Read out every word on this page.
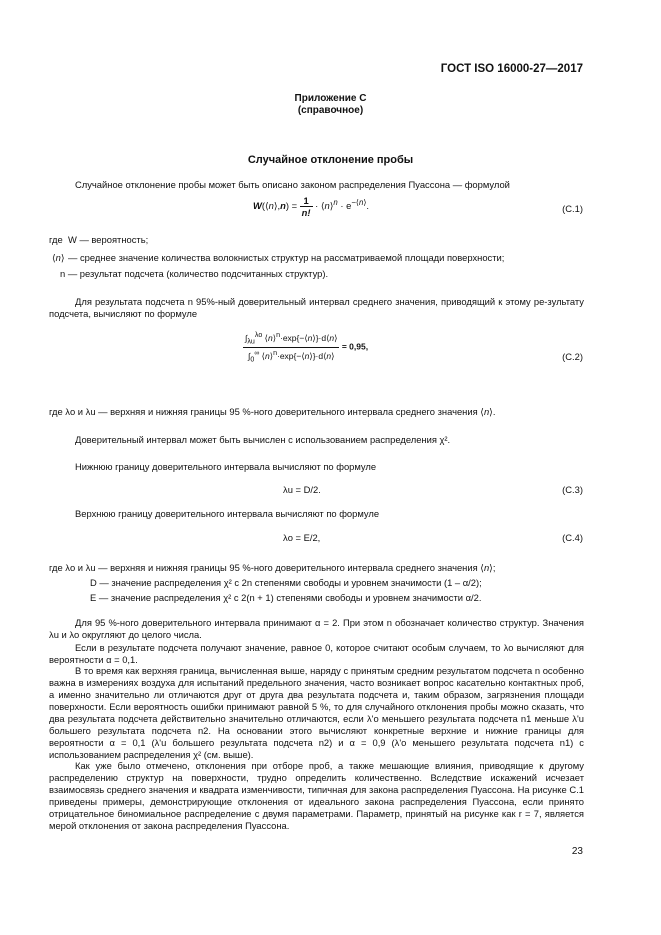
ГОСТ ISO 16000-27—2017
Приложение С
(справочное)
Случайное отклонение пробы
Случайное отклонение пробы может быть описано законом распределения Пуассона — формулой
W(⟨n⟩,n) = $\frac{1}{n!}$ · ⟨n⟩$^n$ · $e^{-⟨n⟩}$.	(С.1)
где W — вероятность;
⟨n⟩ — среднее значение количества волокнистых структур на рассматриваемой площади поверхности;
n — результат подсчета (количество подсчитанных структур).
Для результата подсчета n 95%-ный доверительный интервал среднего значения, приводящий к этому ре-зультату подсчета, вычисляют по формуле
$\frac{\int_{\lambda u}^{\lambda o} ⟨n⟩^n\cdot\exp\{-⟨n⟩\}\cdot d⟨n⟩}{\int_0^\infty ⟨n⟩^n\cdot\exp\{-⟨n⟩\}\cdot d⟨n⟩} = 0,95$,
(С.2)
где λo и λu — верхняя и нижняя границы 95 %-ного доверительного интервала среднего значения ⟨n⟩.
Доверительный интервал может быть вычислен с использованием распределения χ².
Нижнюю границу доверительного интервала вычисляют по формуле
λu = D/2.	(С.3)
Верхнюю границу доверительного интервала вычисляют по формуле
λo = E/2,	(С.4)
где λo и λu — верхняя и нижняя границы 95 %-ного доверительного интервала среднего значения ⟨n⟩;
D — значение распределения χ² с 2n степенями свободы и уровнем значимости (1 – α/2);
E — значение распределения χ² с 2(n + 1) степенями свободы и уровнем значимости α/2.
Для 95 %-ного доверительного интервала принимают α = 2. При этом n обозначает количество структур. Значения λu и λo округляют до целого числа.
Если в результате подсчета получают значение, равное 0, которое считают особым случаем, то λo вычисляют для вероятности α = 0,1.
В то время как верхняя граница, вычисленная выше, наряду с принятым средним результатом подсчета n особенно важна в измерениях воздуха для испытаний предельного значения, часто возникает вопрос касательно контактных проб, а именно значительно ли отличаются друг от друга два результата подсчета и, таким образом, загрязнения площади поверхности. Если вероятность ошибки принимают равной 5 %, то для случайного отклонения пробы можно сказать, что два результата подсчета действительно значительно отличаются, если λ'o меньшего результата подсчета n1 меньше λ'u большего результата подсчета n2. На основании этого вычисляют конкретные верхние и нижние границы для вероятности α = 0,1 (λ'u большего результата подсчета n2) и α = 0,9 (λ'o меньшего результата подсчета n1) с использованием распределения χ² (см. выше).
Как уже было отмечено, отклонения при отборе проб, а также мешающие влияния, приводящие к другому распределению структур на поверхности, трудно определить количественно. Вследствие искажений исчезает взаимосвязь среднего значения и квадрата изменчивости, типичная для закона распределения Пуассона. На рисунке С.1 приведены примеры, демонстрирующие отклонения от идеального закона распределения Пуассона, если принято отрицательное биномиальное распределение с двумя параметрами. Параметр, принятый на рисунке как r = 7, является мерой отклонения от закона распределения Пуассона.
23
